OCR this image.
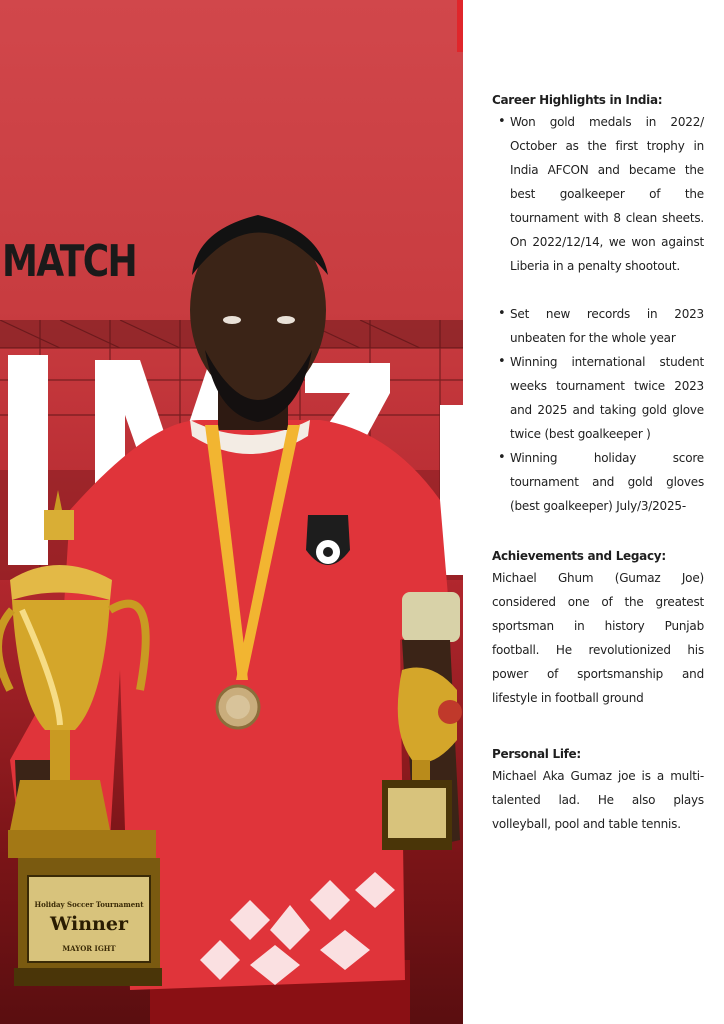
MATCH
Holiday Soccer Tournament
Winner
MAYOR IGHT
Career Highlights in India:
• Won gold medals in 2022/ October as the first trophy in India AFCON and became the best goalkeeper of the tournament with 8 clean sheets. On 2022/12/14, we won against Liberia in a penalty shootout.
• Set new records in 2023 unbeaten for the whole year
• Winning international student weeks tournament twice 2023 and 2025 and taking gold glove twice (best goalkeeper )
• Winning holiday score tournament and gold gloves (best goalkeeper) July/3/2025-
Achievements and Legacy:

Michael Ghum (Gumaz Joe) considered one of the greatest sportsman in history Punjab football. He revolutionized his power of sportsmanship and lifestyle in football ground

Personal Life:

Michael Aka Gumaz joe is a multi-talented lad. He also plays volleyball, pool and table tennis.
